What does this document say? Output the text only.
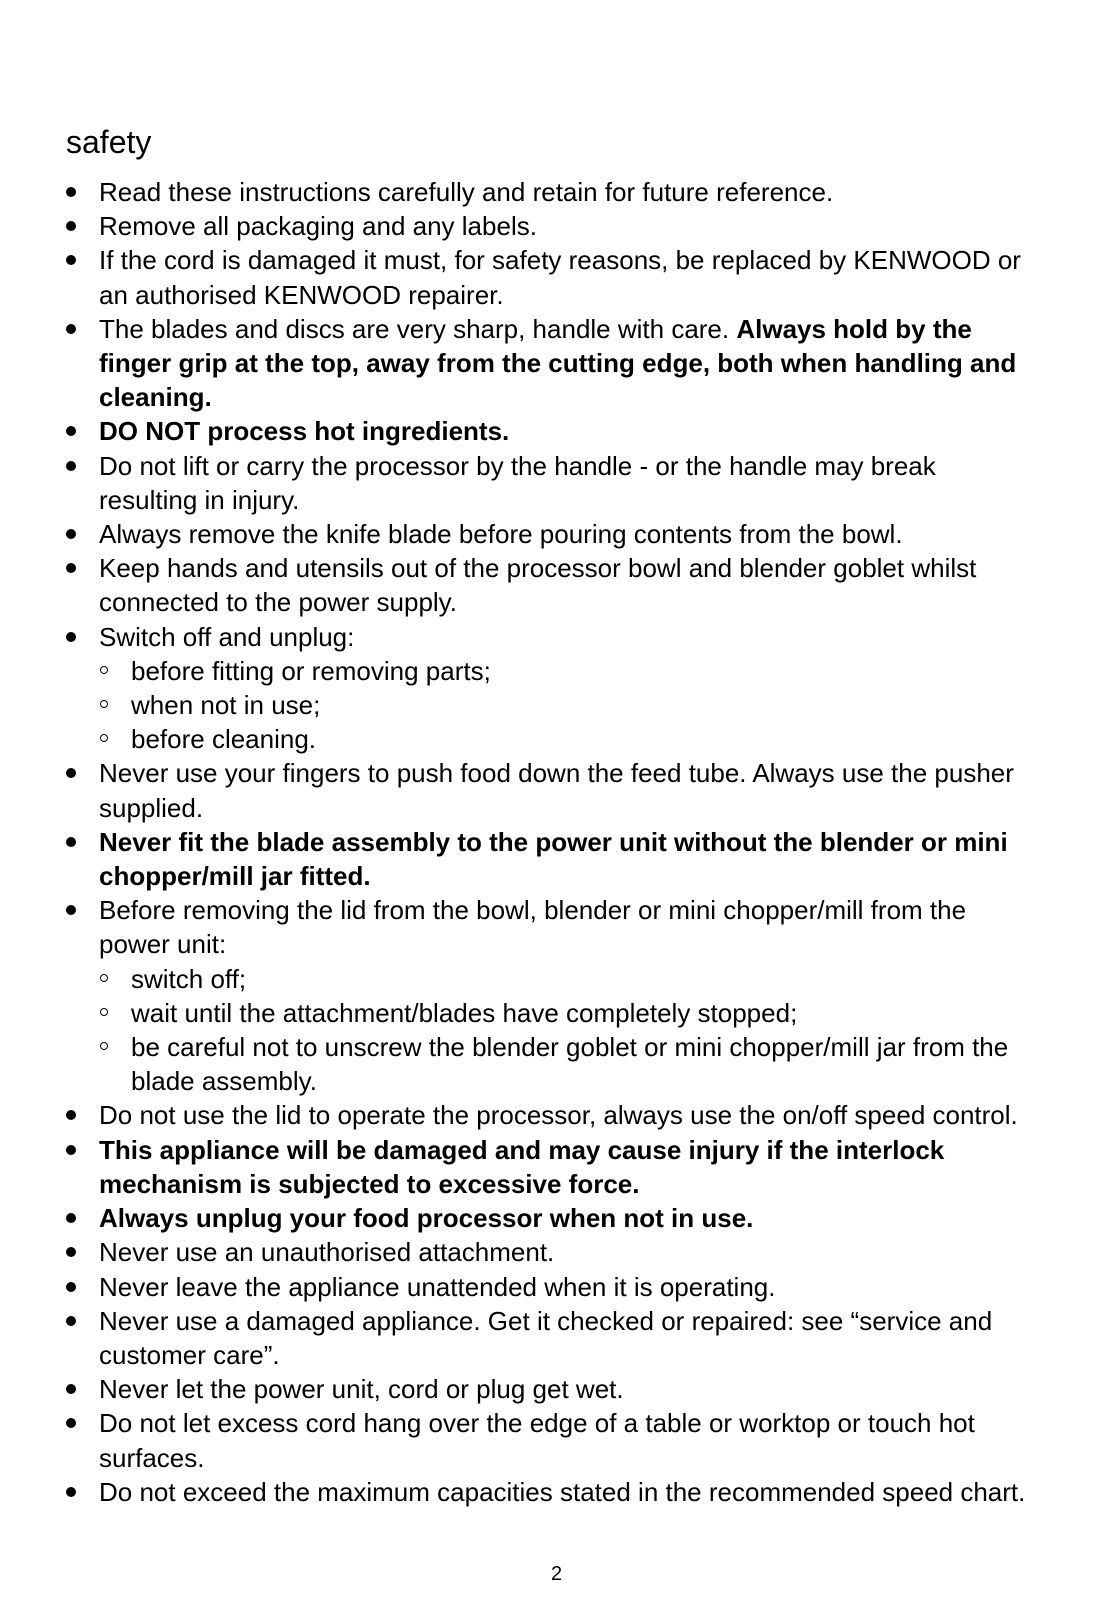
safety
Read these instructions carefully and retain for future reference.
Remove all packaging and any labels.
If the cord is damaged it must, for safety reasons, be replaced by KENWOOD or an authorised KENWOOD repairer.
The blades and discs are very sharp, handle with care. Always hold by the finger grip at the top, away from the cutting edge, both when handling and cleaning.
DO NOT process hot ingredients.
Do not lift or carry the processor by the handle - or the handle may break resulting in injury.
Always remove the knife blade before pouring contents from the bowl.
Keep hands and utensils out of the processor bowl and blender goblet whilst connected to the power supply.
Switch off and unplug:
before fitting or removing parts;
when not in use;
before cleaning.
Never use your fingers to push food down the feed tube. Always use the pusher supplied.
Never fit the blade assembly to the power unit without the blender or mini chopper/mill jar fitted.
Before removing the lid from the bowl, blender or mini chopper/mill from the power unit:
switch off;
wait until the attachment/blades have completely stopped;
be careful not to unscrew the blender goblet or mini chopper/mill jar from the blade assembly.
Do not use the lid to operate the processor, always use the on/off speed control.
This appliance will be damaged and may cause injury if the interlock mechanism is subjected to excessive force.
Always unplug your food processor when not in use.
Never use an unauthorised attachment.
Never leave the appliance unattended when it is operating.
Never use a damaged appliance. Get it checked or repaired: see “service and customer care”.
Never let the power unit, cord or plug get wet.
Do not let excess cord hang over the edge of a table or worktop or touch hot surfaces.
Do not exceed the maximum capacities stated in the recommended speed chart.
2
